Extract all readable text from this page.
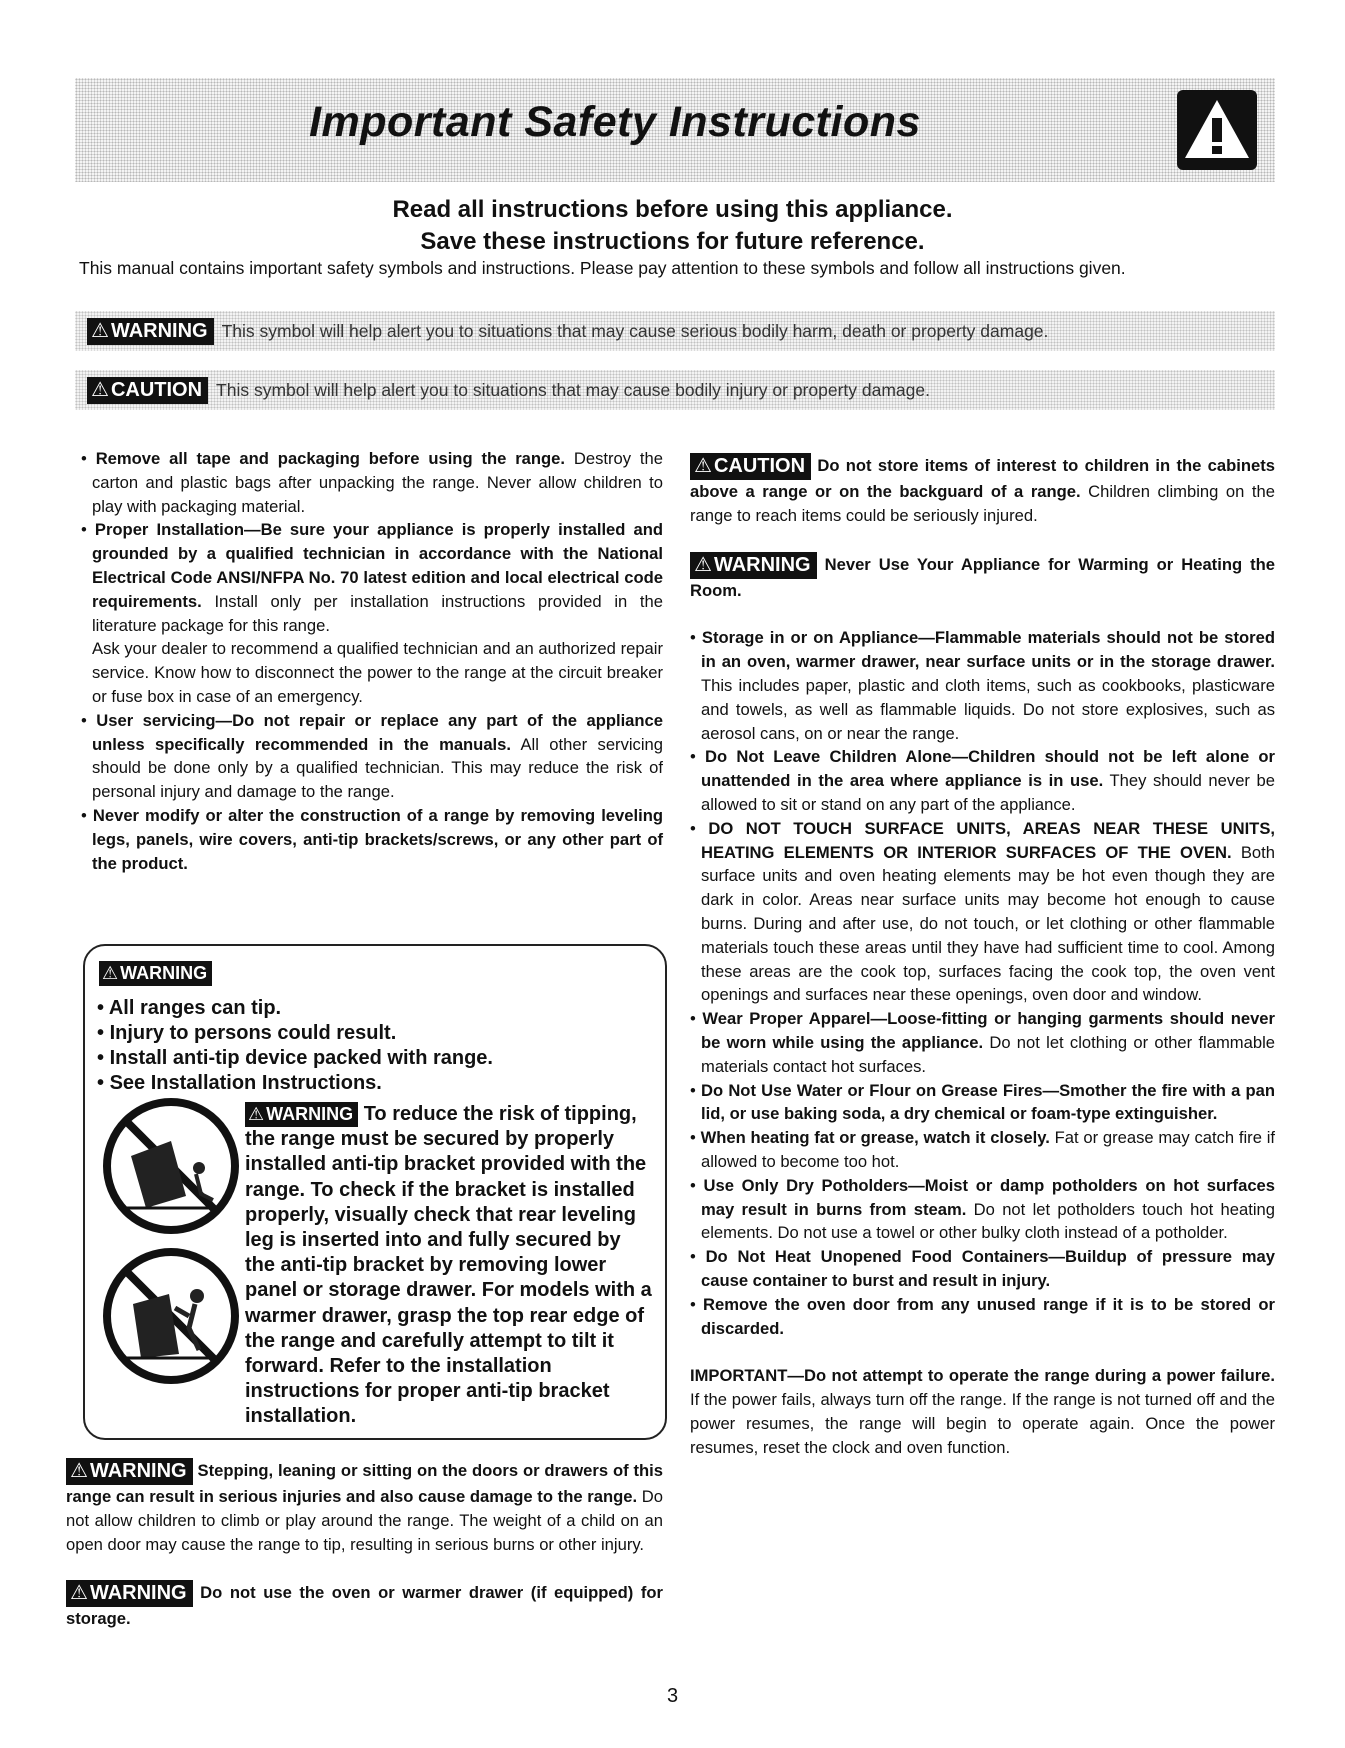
Important Safety Instructions
Read all instructions before using this appliance.
Save these instructions for future reference.
This manual contains important safety symbols and instructions. Please pay attention to these symbols and follow all instructions given.
⚠ WARNING This symbol will help alert you to situations that may cause serious bodily harm, death or property damage.
⚠ CAUTION This symbol will help alert you to situations that may cause bodily injury or property damage.

• Remove all tape and packaging before using the range. Destroy the carton and plastic bags after unpacking the range. Never allow children to play with packaging material.

• Proper Installation—Be sure your appliance is properly installed and grounded by a qualified technician in accordance with the National Electrical Code ANSI/NFPA No. 70 latest edition and local electrical code requirements. Install only per installation instructions provided in the literature package for this range.

Ask your dealer to recommend a qualified technician and an authorized repair service. Know how to disconnect the power to the range at the circuit breaker or fuse box in case of an emergency.

• User servicing—Do not repair or replace any part of the appliance unless specifically recommended in the manuals. All other servicing should be done only by a qualified technician. This may reduce the risk of personal injury and damage to the range.

• Never modify or alter the construction of a range by removing leveling legs, panels, wire covers, anti-tip brackets/screws, or any other part of the product.

⚠ WARNING
• All ranges can tip.
• Injury to persons could result.
• Install anti-tip device packed with range.
• See Installation Instructions.
⚠ WARNING To reduce the risk of tipping, the range must be secured by properly installed anti-tip bracket provided with the range. To check if the bracket is installed properly, visually check that rear leveling leg is inserted into and fully secured by the anti-tip bracket by removing lower panel or storage drawer. For models with a warmer drawer, grasp the top rear edge of the range and carefully attempt to tilt it forward. Refer to the installation instructions for proper anti-tip bracket installation.

⚠ WARNING Stepping, leaning or sitting on the doors or drawers of this range can result in serious injuries and also cause damage to the range. Do not allow children to climb or play around the range. The weight of a child on an open door may cause the range to tip, resulting in serious burns or other injury.

⚠ WARNING Do not use the oven or warmer drawer (if equipped) for storage.

⚠ CAUTION Do not store items of interest to children in the cabinets above a range or on the backguard of a range. Children climbing on the range to reach items could be seriously injured.

⚠ WARNING Never Use Your Appliance for Warming or Heating the Room.

• Storage in or on Appliance—Flammable materials should not be stored in an oven, warmer drawer, near surface units or in the storage drawer. This includes paper, plastic and cloth items, such as cookbooks, plasticware and towels, as well as flammable liquids. Do not store explosives, such as aerosol cans, on or near the range.

• Do Not Leave Children Alone—Children should not be left alone or unattended in the area where appliance is in use. They should never be allowed to sit or stand on any part of the appliance.

• DO NOT TOUCH SURFACE UNITS, AREAS NEAR THESE UNITS, HEATING ELEMENTS OR INTERIOR SURFACES OF THE OVEN. Both surface units and oven heating elements may be hot even though they are dark in color. Areas near surface units may become hot enough to cause burns. During and after use, do not touch, or let clothing or other flammable materials touch these areas until they have had sufficient time to cool. Among these areas are the cook top, surfaces facing the cook top, the oven vent openings and surfaces near these openings, oven door and window.

• Wear Proper Apparel—Loose-fitting or hanging garments should never be worn while using the appliance. Do not let clothing or other flammable materials contact hot surfaces.

• Do Not Use Water or Flour on Grease Fires—Smother the fire with a pan lid, or use baking soda, a dry chemical or foam-type extinguisher.

• When heating fat or grease, watch it closely. Fat or grease may catch fire if allowed to become too hot.

• Use Only Dry Potholders—Moist or damp potholders on hot surfaces may result in burns from steam. Do not let potholders touch hot heating elements. Do not use a towel or other bulky cloth instead of a potholder.

• Do Not Heat Unopened Food Containers—Buildup of pressure may cause container to burst and result in injury.

• Remove the oven door from any unused range if it is to be stored or discarded.

IMPORTANT—Do not attempt to operate the range during a power failure. If the power fails, always turn off the range. If the range is not turned off and the power resumes, the range will begin to operate again. Once the power resumes, reset the clock and oven function.

3
